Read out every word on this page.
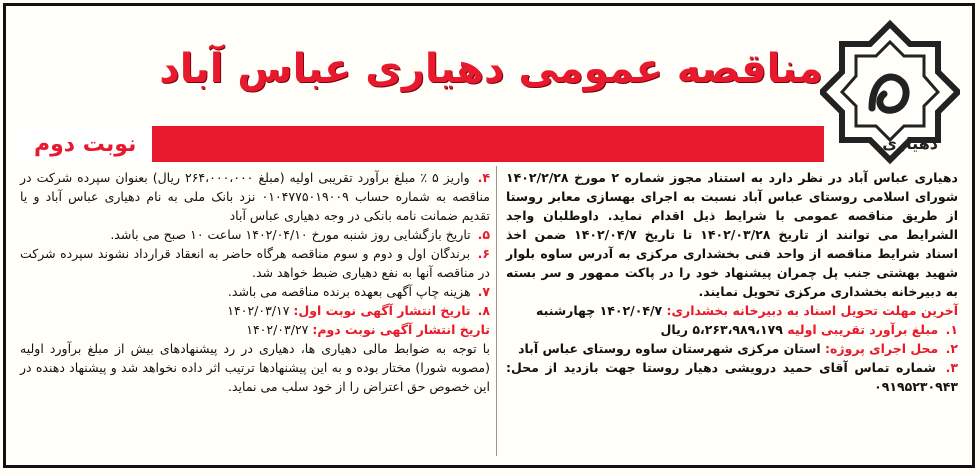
دهیاری
مناقصه عمومی دهیاری عباس آباد
نوبت دوم

دهیاری عباس آباد در نظر دارد به استناد مجوز شماره ۲ مورخ ۱۴۰۲/۲/۲۸ شورای اسلامی روستای عباس آباد نسبت به اجرای بهسازی معابر روستا از طریق مناقصه عمومی با شرایط ذیل اقدام نماید. داوطلبان واجد الشرایط می توانند از تاریخ ۱۴۰۲/۰۳/۲۸ تا تاریخ ۱۴۰۲/۰۴/۷ ضمن اخذ اسناد شرایط مناقصه از واحد فنی بخشداری مرکزی به آدرس ساوه بلوار شهید بهشتی جنب پل چمران پیشنهاد خود را در پاکت ممهور و سر بسته به دبیرخانه بخشداری مرکزی تحویل نمایند.

آخرین مهلت تحویل اسناد به دبیرخانه بخشداری: ۱۴۰۲/۰۴/۷ چهارشنبه

۱. مبلغ برآورد تقریبی اولیه ۵،۲۶۳،۹۸۹،۱۷۹ ریال

۲. محل اجرای پروژه: استان مرکزی شهرستان ساوه روستای عباس آباد

۳. شماره تماس آقای حمید درویشی دهیار روستا جهت بازدید از محل: ۰۹۱۹۵۲۳۰۹۴۳

۴. واریز ۵ ٪ مبلغ برآورد تقریبی اولیه (مبلغ ۲۶۴،۰۰۰،۰۰۰ ریال) بعنوان سپرده شرکت در مناقصه به شماره حساب ۰۱۰۴۷۷۵۰۱۹۰۰۹ نزد بانک ملی به نام دهیاری عباس آباد و یا تقدیم ضمانت نامه بانکی در وجه دهیاری عباس آباد

۵. تاریخ بازگشایی روز شنبه مورخ ۱۴۰۲/۰۴/۱۰ ساعت ۱۰ صبح می باشد.

۶. برندگان اول و دوم و سوم مناقصه هرگاه حاضر به انعقاد قرارداد نشوند سپرده شرکت در مناقصه آنها به نفع دهیاری ضبط خواهد شد.

۷. هزینه چاپ آگهی بعهده برنده مناقصه می باشد.

۸. تاریخ انتشار آگهی نوبت اول: ۱۴۰۲/۰۳/۱۷

تاریخ انتشار آگهی نوبت دوم: ۱۴۰۲/۰۳/۲۷

با توجه به ضوابط مالی دهیاری ها، دهیاری در رد پیشنهادهای بیش از مبلغ برآورد اولیه (مصوبه شورا) مختار بوده و به این پیشنهادها ترتیب اثر داده نخواهد شد و پیشنهاد دهنده در این خصوص حق اعتراض را از خود سلب می نماید.
